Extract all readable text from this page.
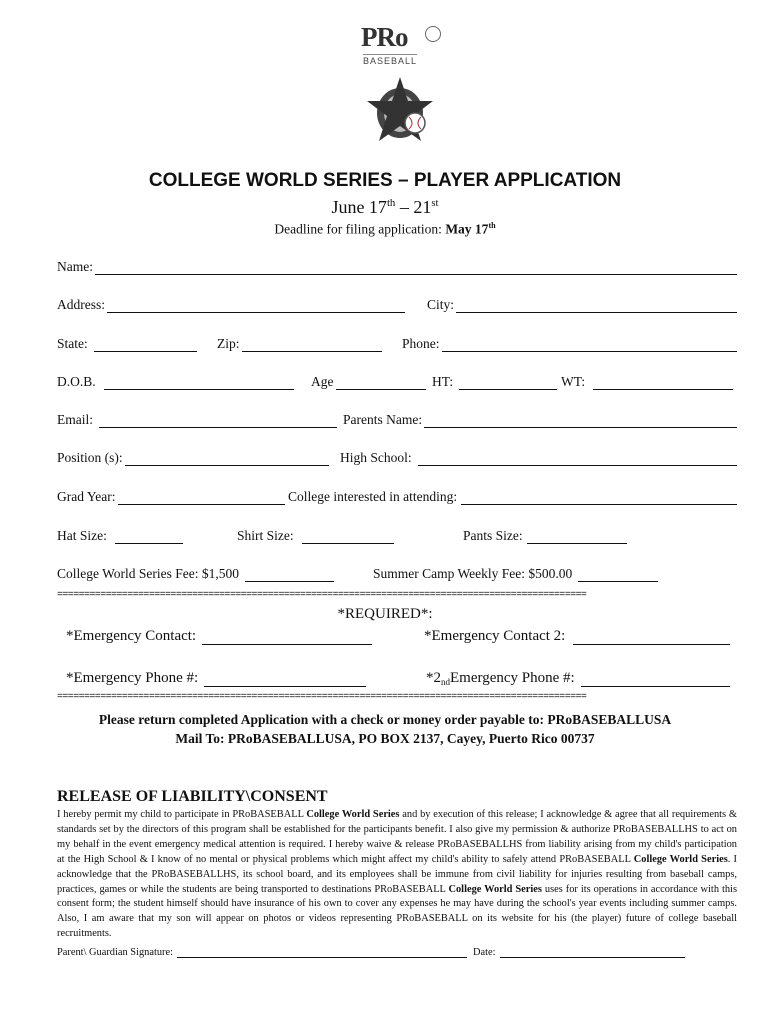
PRo
BASEBALL
COLLEGE WORLD SERIES – PLAYER APPLICATION
June 17th – 21st
Deadline for filing application: May 17th
Name:
Address:	City:
State:	Zip:	Phone:
D.O.B.	Age	HT:	WT:
Email:	Parents Name:
Position (s):	High School:
Grad Year:	College interested in attending:
Hat Size:	Shirt Size:	Pants Size:
College World Series Fee: $1,500	Summer Camp Weekly Fee: $500.00
==================================================================================================
*REQUIRED*:
*Emergency Contact:	*Emergency Contact 2:
*Emergency Phone #:	$*2_{nd}$ Emergency Phone #:
==================================================================================================
Please return completed Application with a check or money order payable to: PRoBASEBALLUSA
Mail To: PRoBASEBALLUSA, PO BOX 2137, Cayey, Puerto Rico 00737
RELEASE OF LIABILITY\CONSENT
I hereby permit my child to participate in PRoBASEBALL College World Series and by execution of this release; I acknowledge & agree that all requirements & standards set by the directors of this program shall be established for the participants benefit. I also give my permission & authorize PRoBASEBALLHS to act on my behalf in the event emergency medical attention is required. I hereby waive & release PRoBASEBALLHS from liability arising from my child's participation at the High School & I know of no mental or physical problems which might affect my child's ability to safely attend PRoBASEBALL College World Series. I acknowledge that the PRoBASEBALLHS, its school board, and its employees shall be immune from civil liability for injuries resulting from baseball camps, practices, games or while the students are being transported to destinations PRoBASEBALL College World Series uses for its operations in accordance with this consent form; the student himself should have insurance of his own to cover any expenses he may have during the school's year events including summer camps. Also, I am aware that my son will appear on photos or videos representing PRoBASEBALL on its website for his (the player) future of college baseball recruitments.
Parent\ Guardian Signature:	Date:
